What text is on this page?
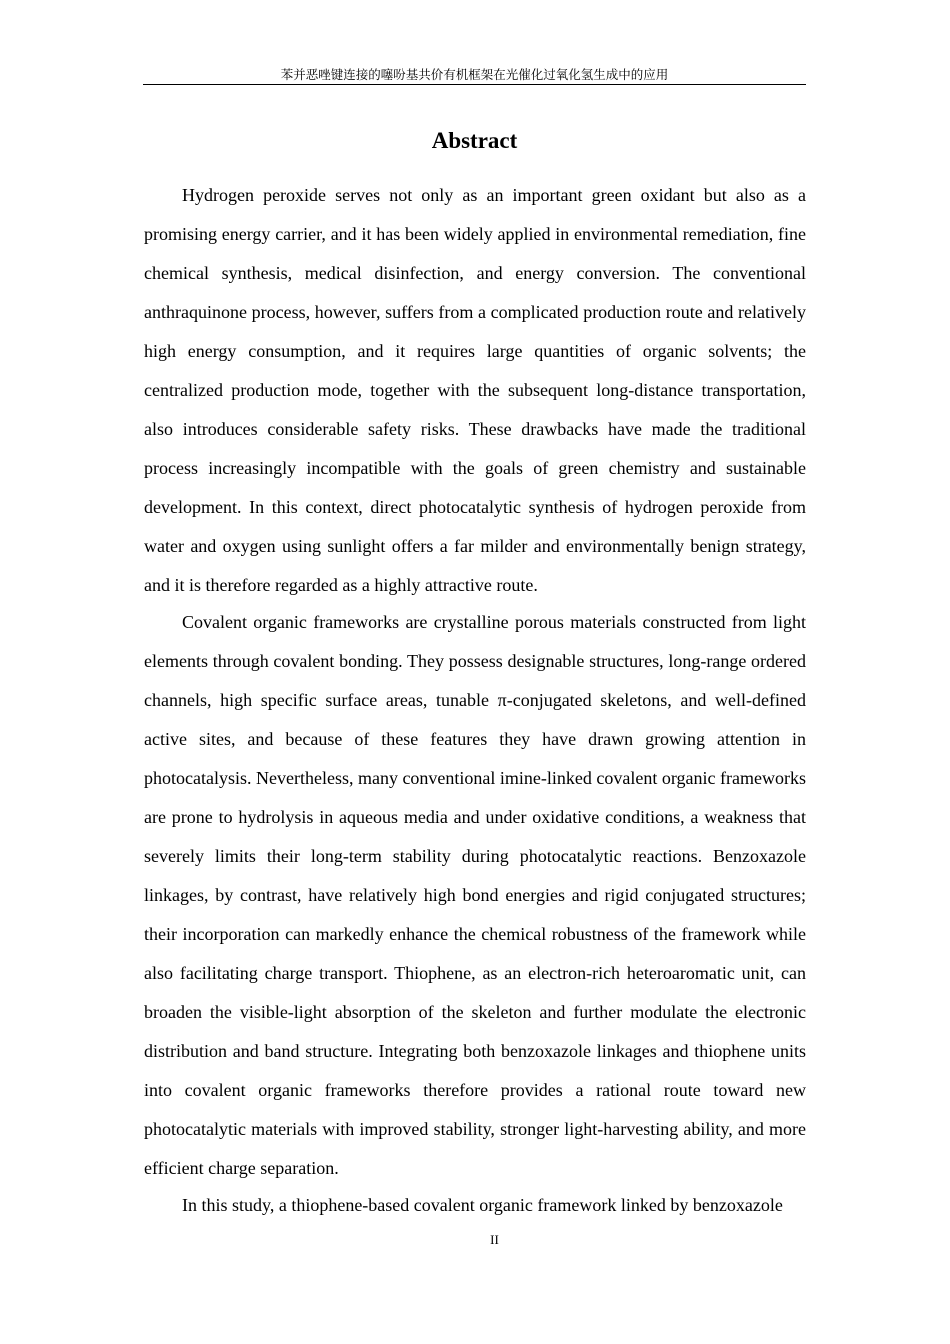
苯并恶唑键连接的噻吩基共价有机框架在光催化过氧化氢生成中的应用
Abstract

Hydrogen peroxide serves not only as an important green oxidant but also as a promising energy carrier, and it has been widely applied in environmental remediation, fine chemical synthesis, medical disinfection, and energy conversion. The conventional anthraquinone process, however, suffers from a complicated production route and relatively high energy consumption, and it requires large quantities of organic solvents; the centralized production mode, together with the subsequent long-distance transportation, also introduces considerable safety risks. These drawbacks have made the traditional process increasingly incompatible with the goals of green chemistry and sustainable development. In this context, direct photocatalytic synthesis of hydrogen peroxide from water and oxygen using sunlight offers a far milder and environmentally benign strategy, and it is therefore regarded as a highly attractive route.

Covalent organic frameworks are crystalline porous materials constructed from light elements through covalent bonding. They possess designable structures, long-range ordered channels, high specific surface areas, tunable π-conjugated skeletons, and well-defined active sites, and because of these features they have drawn growing attention in photocatalysis. Nevertheless, many conventional imine-linked covalent organic frameworks are prone to hydrolysis in aqueous media and under oxidative conditions, a weakness that severely limits their long-term stability during photocatalytic reactions. Benzoxazole linkages, by contrast, have relatively high bond energies and rigid conjugated structures; their incorporation can markedly enhance the chemical robustness of the framework while also facilitating charge transport. Thiophene, as an electron-rich heteroaromatic unit, can broaden the visible-light absorption of the skeleton and further modulate the electronic distribution and band structure. Integrating both benzoxazole linkages and thiophene units into covalent organic frameworks therefore provides a rational route toward new photocatalytic materials with improved stability, stronger light-harvesting ability, and more efficient charge separation.

In this study, a thiophene-based covalent organic framework linked by benzoxazole

II
